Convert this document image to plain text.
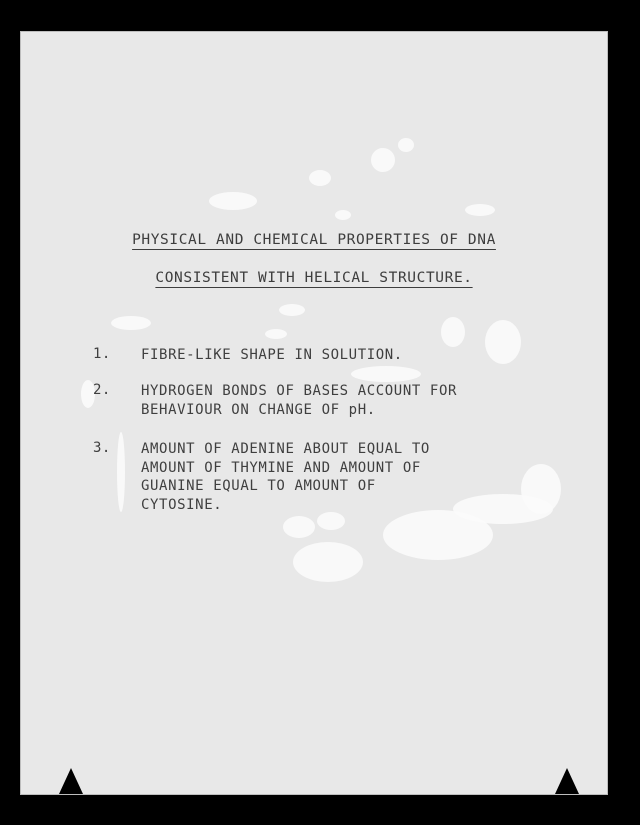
PHYSICAL AND CHEMICAL PROPERTIES OF DNA
CONSISTENT WITH HELICAL STRUCTURE.
1. FIBRE-LIKE SHAPE IN SOLUTION.
2. HYDROGEN BONDS OF BASES ACCOUNT FOR
BEHAVIOUR ON CHANGE OF pH.
3. AMOUNT OF ADENINE ABOUT EQUAL TO
AMOUNT OF THYMINE AND AMOUNT OF
GUANINE EQUAL TO AMOUNT OF
CYTOSINE.
